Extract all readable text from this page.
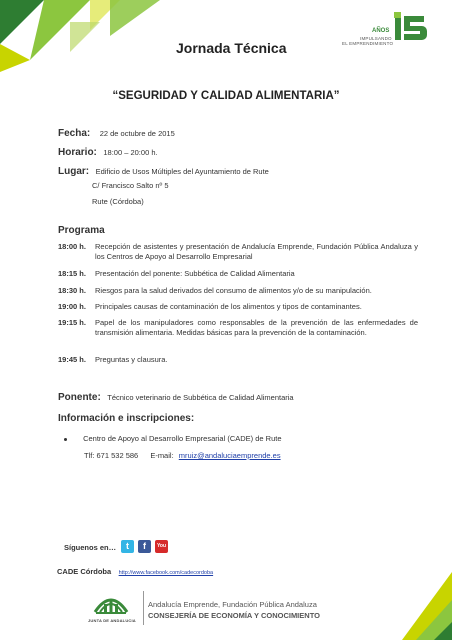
Jornada Técnica
AÑOS
IMPULSANDO
EL EMPRENDIMIENTO
“SEGURIDAD Y CALIDAD ALIMENTARIA”
Fecha: 22 de octubre de 2015
Horario: 18:00 – 20:00 h.
Lugar: Edificio de Usos Múltiples del Ayuntamiento de Rute
C/ Francisco Salto nº 5
Rute (Córdoba)
Programa
18:00 h.	Recepción de asistentes y presentación de Andalucía Emprende, Fundación Pública Andaluza y los Centros de Apoyo al Desarrollo Empresarial
18:15 h.	Presentación del ponente: Subbética de Calidad Alimentaria
18:30 h.	Riesgos para la salud derivados del consumo de alimentos y/o de su manipulación.
19:00 h.	Principales causas de contaminación de los alimentos y tipos de contaminantes.
19:15 h.	Papel de los manipuladores como responsables de la prevención de las enfermedades de transmisión alimentaria. Medidas básicas para la prevención de la contaminación.
19:45 h.	Preguntas y clausura.
Ponente: Técnico veterinario de Subbética de Calidad Alimentaria
Información e inscripciones:
Centro de Apoyo al Desarrollo Empresarial (CADE) de Rute
Tlf: 671 532 586 E-mail: mruiz@andaluciaemprende.es
Síguenos en…	t	f	You
CADE Córdoba http://www.facebook.com/cadecordoba
JUNTA DE ANDALUCIA
Andalucía Emprende, Fundación Pública Andaluza
CONSEJERÍA DE ECONOMÍA Y CONOCIMIENTO
